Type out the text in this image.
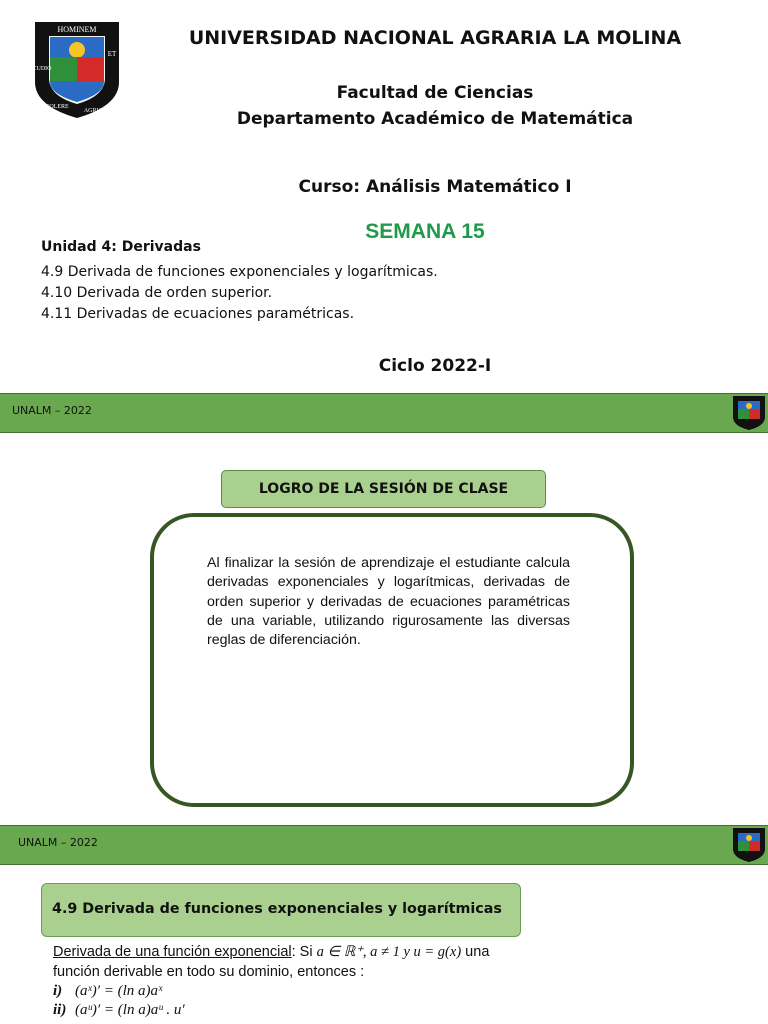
HOMINEM
ET
AGRUM
COLERE
CUDIO
UNIVERSIDAD NACIONAL AGRARIA LA MOLINA
Facultad de Ciencias
Departamento Académico de Matemática
Curso: Análisis Matemático I
SEMANA 15
Unidad 4: Derivadas
4.9 Derivada de funciones exponenciales y logarítmicas.
4.10 Derivada de orden superior.
4.11 Derivadas de ecuaciones paramétricas.
Ciclo 2022-I
UNALM – 2022
LOGRO DE LA SESIÓN DE CLASE

Al finalizar la sesión de aprendizaje el estudiante calcula derivadas exponenciales y logarítmicas, derivadas de orden superior y derivadas de ecuaciones paramétricas de una variable, utilizando rigurosamente las diversas reglas de diferenciación.

UNALM – 2022
4.9 Derivada de funciones exponenciales y logarítmicas
Derivada de una función exponencial: Si a ∈ ℝ⁺, a ≠ 1 y u = g(x) una
función derivable en todo su dominio, entonces :
i) (aˣ)′ = (ln a)aˣ
ii) (aᵘ)′ = (ln a)aᵘ . u′
